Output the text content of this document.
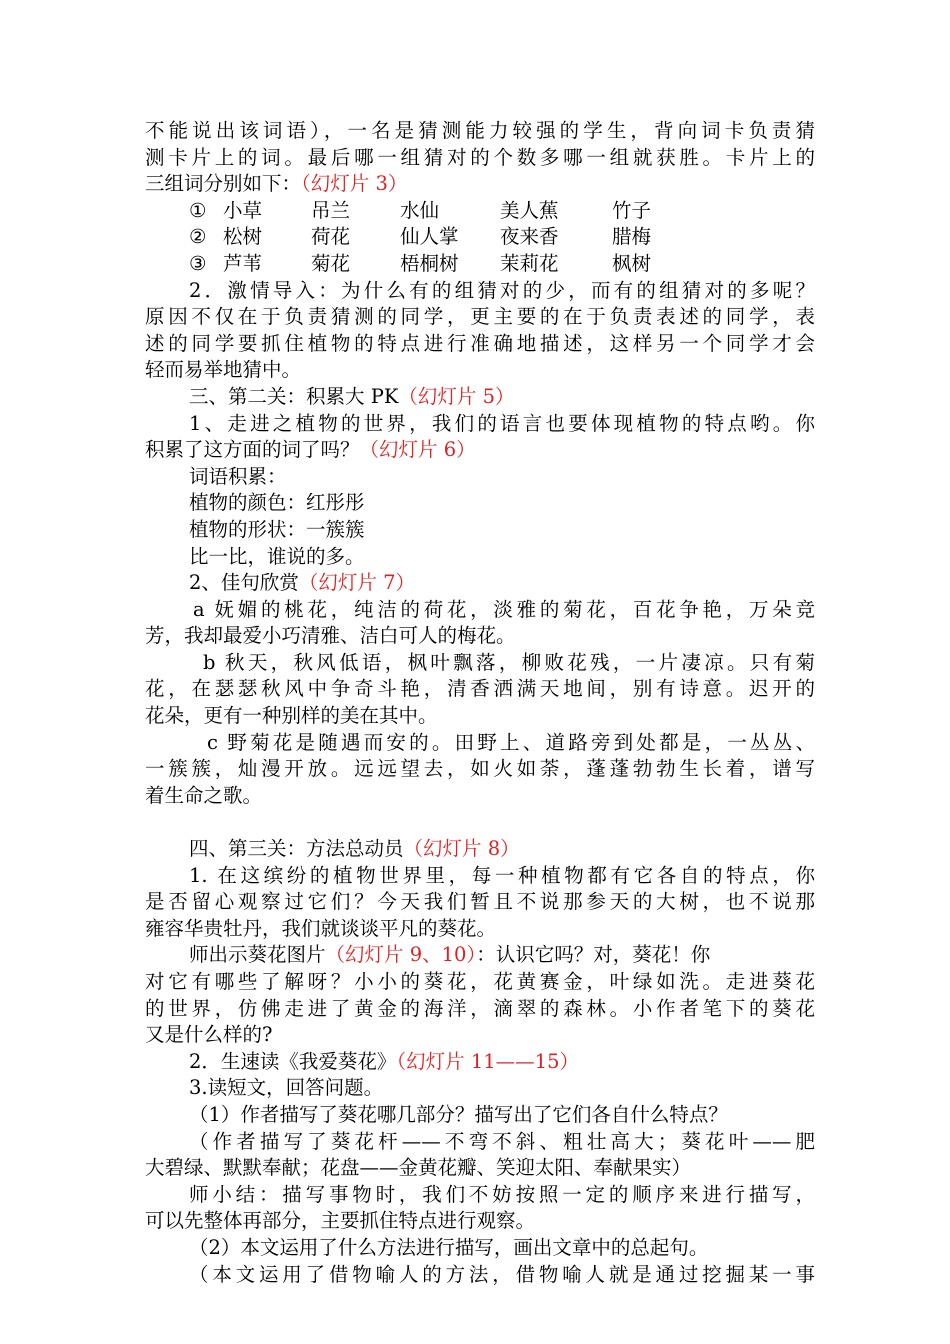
不能说出该词语），一名是猜测能力较强的学生，背向词卡负责猜
测卡片上的词。最后哪一组猜对的个数多哪一组就获胜。卡片上的
三组词分别如下：（幻灯片 3）
① 小草	吊兰	水仙	美人蕉	竹子
② 松树	荷花	仙人掌	夜来香	腊梅
③ 芦苇	菊花	梧桐树	茉莉花	枫树
2．激情导入：为什么有的组猜对的少，而有的组猜对的多呢？
原因不仅在于负责猜测的同学，更主要的在于负责表述的同学，表
述的同学要抓住植物的特点进行准确地描述，这样另一个同学才会
轻而易举地猜中。
三、第二关：积累大 PK（幻灯片 5）
1、走进之植物的世界，我们的语言也要体现植物的特点哟。你
积累了这方面的词了吗？（幻灯片 6）
词语积累：
植物的颜色：红彤彤
植物的形状：一簇簇
比一比，谁说的多。
2、佳句欣赏（幻灯片 7）
a 妩媚的桃花，纯洁的荷花，淡雅的菊花，百花争艳，万朵竞
芳，我却最爱小巧清雅、洁白可人的梅花。
b 秋天，秋风低语，枫叶飘落，柳败花残，一片凄凉。只有菊
花，在瑟瑟秋风中争奇斗艳，清香洒满天地间，别有诗意。迟开的
花朵，更有一种别样的美在其中。
c 野菊花是随遇而安的。田野上、道路旁到处都是，一丛丛、
一簇簇，灿漫开放。远远望去，如火如荼，蓬蓬勃勃生长着，谱写
着生命之歌。
四、第三关：方法总动员（幻灯片 8）
1. 在这缤纷的植物世界里，每一种植物都有它各自的特点，你
是否留心观察过它们？今天我们暂且不说那参天的大树，也不说那
雍容华贵牡丹，我们就谈谈平凡的葵花。
师出示葵花图片（幻灯片 9、10）：认识它吗？对，葵花！你
对它有哪些了解呀？小小的葵花，花黄赛金，叶绿如洗。走进葵花
的世界，仿佛走进了黄金的海洋，滴翠的森林。小作者笔下的葵花
又是什么样的?
2．生速读《我爱葵花》（幻灯片 11——15）
3.读短文，回答问题。
（1）作者描写了葵花哪几部分？描写出了它们各自什么特点？
（作者描写了葵花杆——不弯不斜、粗壮高大；葵花叶——肥
大碧绿、默默奉献；花盘——金黄花瓣、笑迎太阳、奉献果实）
师小结：描写事物时，我们不妨按照一定的顺序来进行描写，
可以先整体再部分，主要抓住特点进行观察。
（2）本文运用了什么方法进行描写，画出文章中的总起句。
（本文运用了借物喻人的方法，借物喻人就是通过挖掘某一事
